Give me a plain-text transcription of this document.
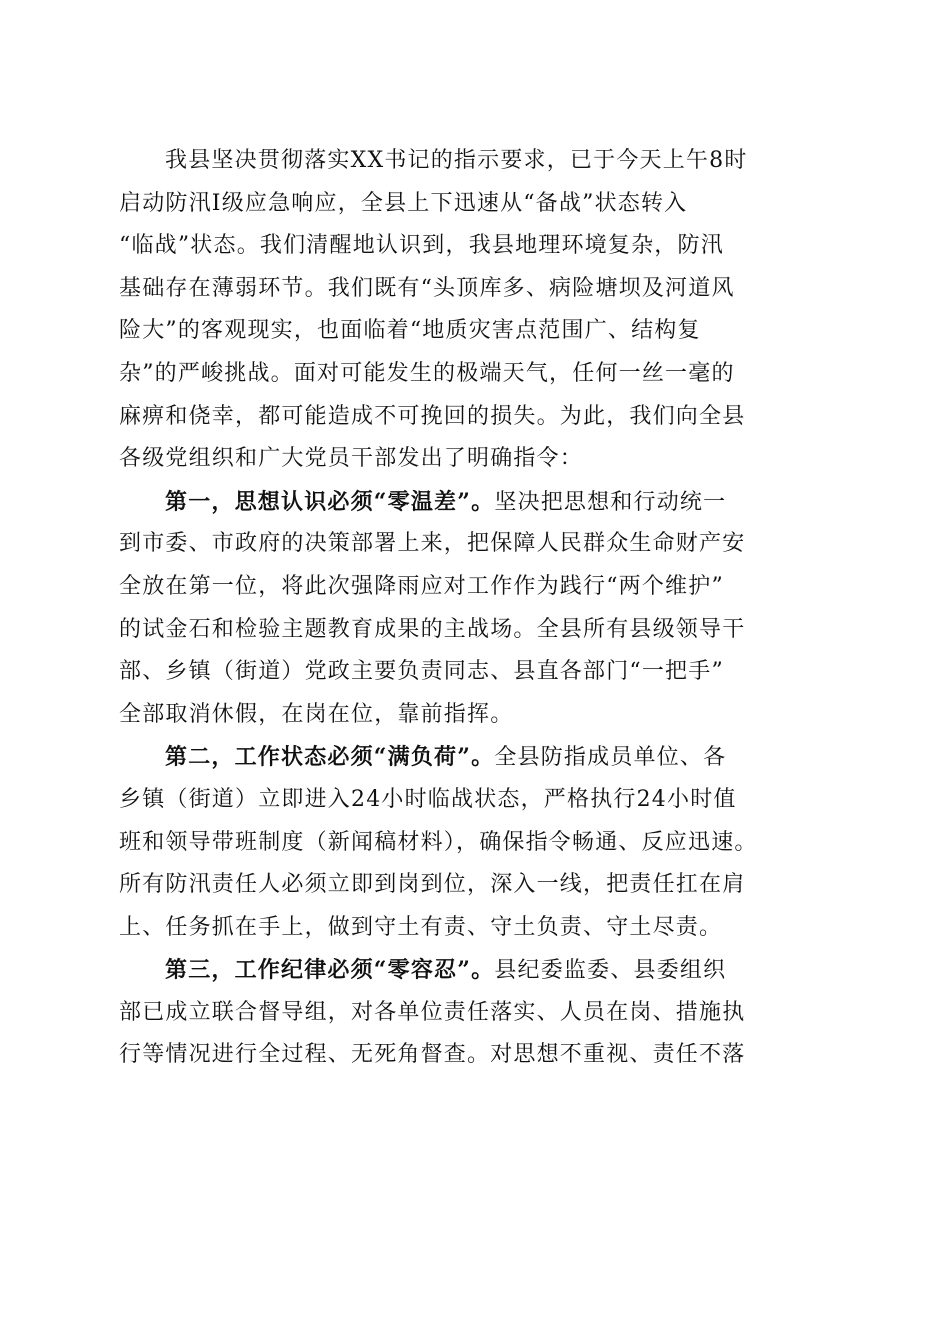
我县坚决贯彻落实XX书记的指示要求，已于今天上午8时
启动防汛Ⅰ级应急响应，全县上下迅速从“备战”状态转入
“临战”状态。我们清醒地认识到，我县地理环境复杂，防汛
基础存在薄弱环节。我们既有“头顶库多、病险塘坝及河道风
险大”的客观现实，也面临着“地质灾害点范围广、结构复
杂”的严峻挑战。面对可能发生的极端天气，任何一丝一毫的
麻痹和侥幸，都可能造成不可挽回的损失。为此，我们向全县
各级党组织和广大党员干部发出了明确指令：
第一，思想认识必须“零温差”。坚决把思想和行动统一
到市委、市政府的决策部署上来，把保障人民群众生命财产安
全放在第一位，将此次强降雨应对工作作为践行“两个维护”
的试金石和检验主题教育成果的主战场。全县所有县级领导干
部、乡镇（街道）党政主要负责同志、县直各部门“一把手”
全部取消休假，在岗在位，靠前指挥。
第二，工作状态必须“满负荷”。全县防指成员单位、各
乡镇（街道）立即进入24小时临战状态，严格执行24小时值
班和领导带班制度（新闻稿材料），确保指令畅通、反应迅速。
所有防汛责任人必须立即到岗到位，深入一线，把责任扛在肩
上、任务抓在手上，做到守土有责、守土负责、守土尽责。
第三，工作纪律必须“零容忍”。县纪委监委、县委组织
部已成立联合督导组，对各单位责任落实、人员在岗、措施执
行等情况进行全过程、无死角督查。对思想不重视、责任不落
